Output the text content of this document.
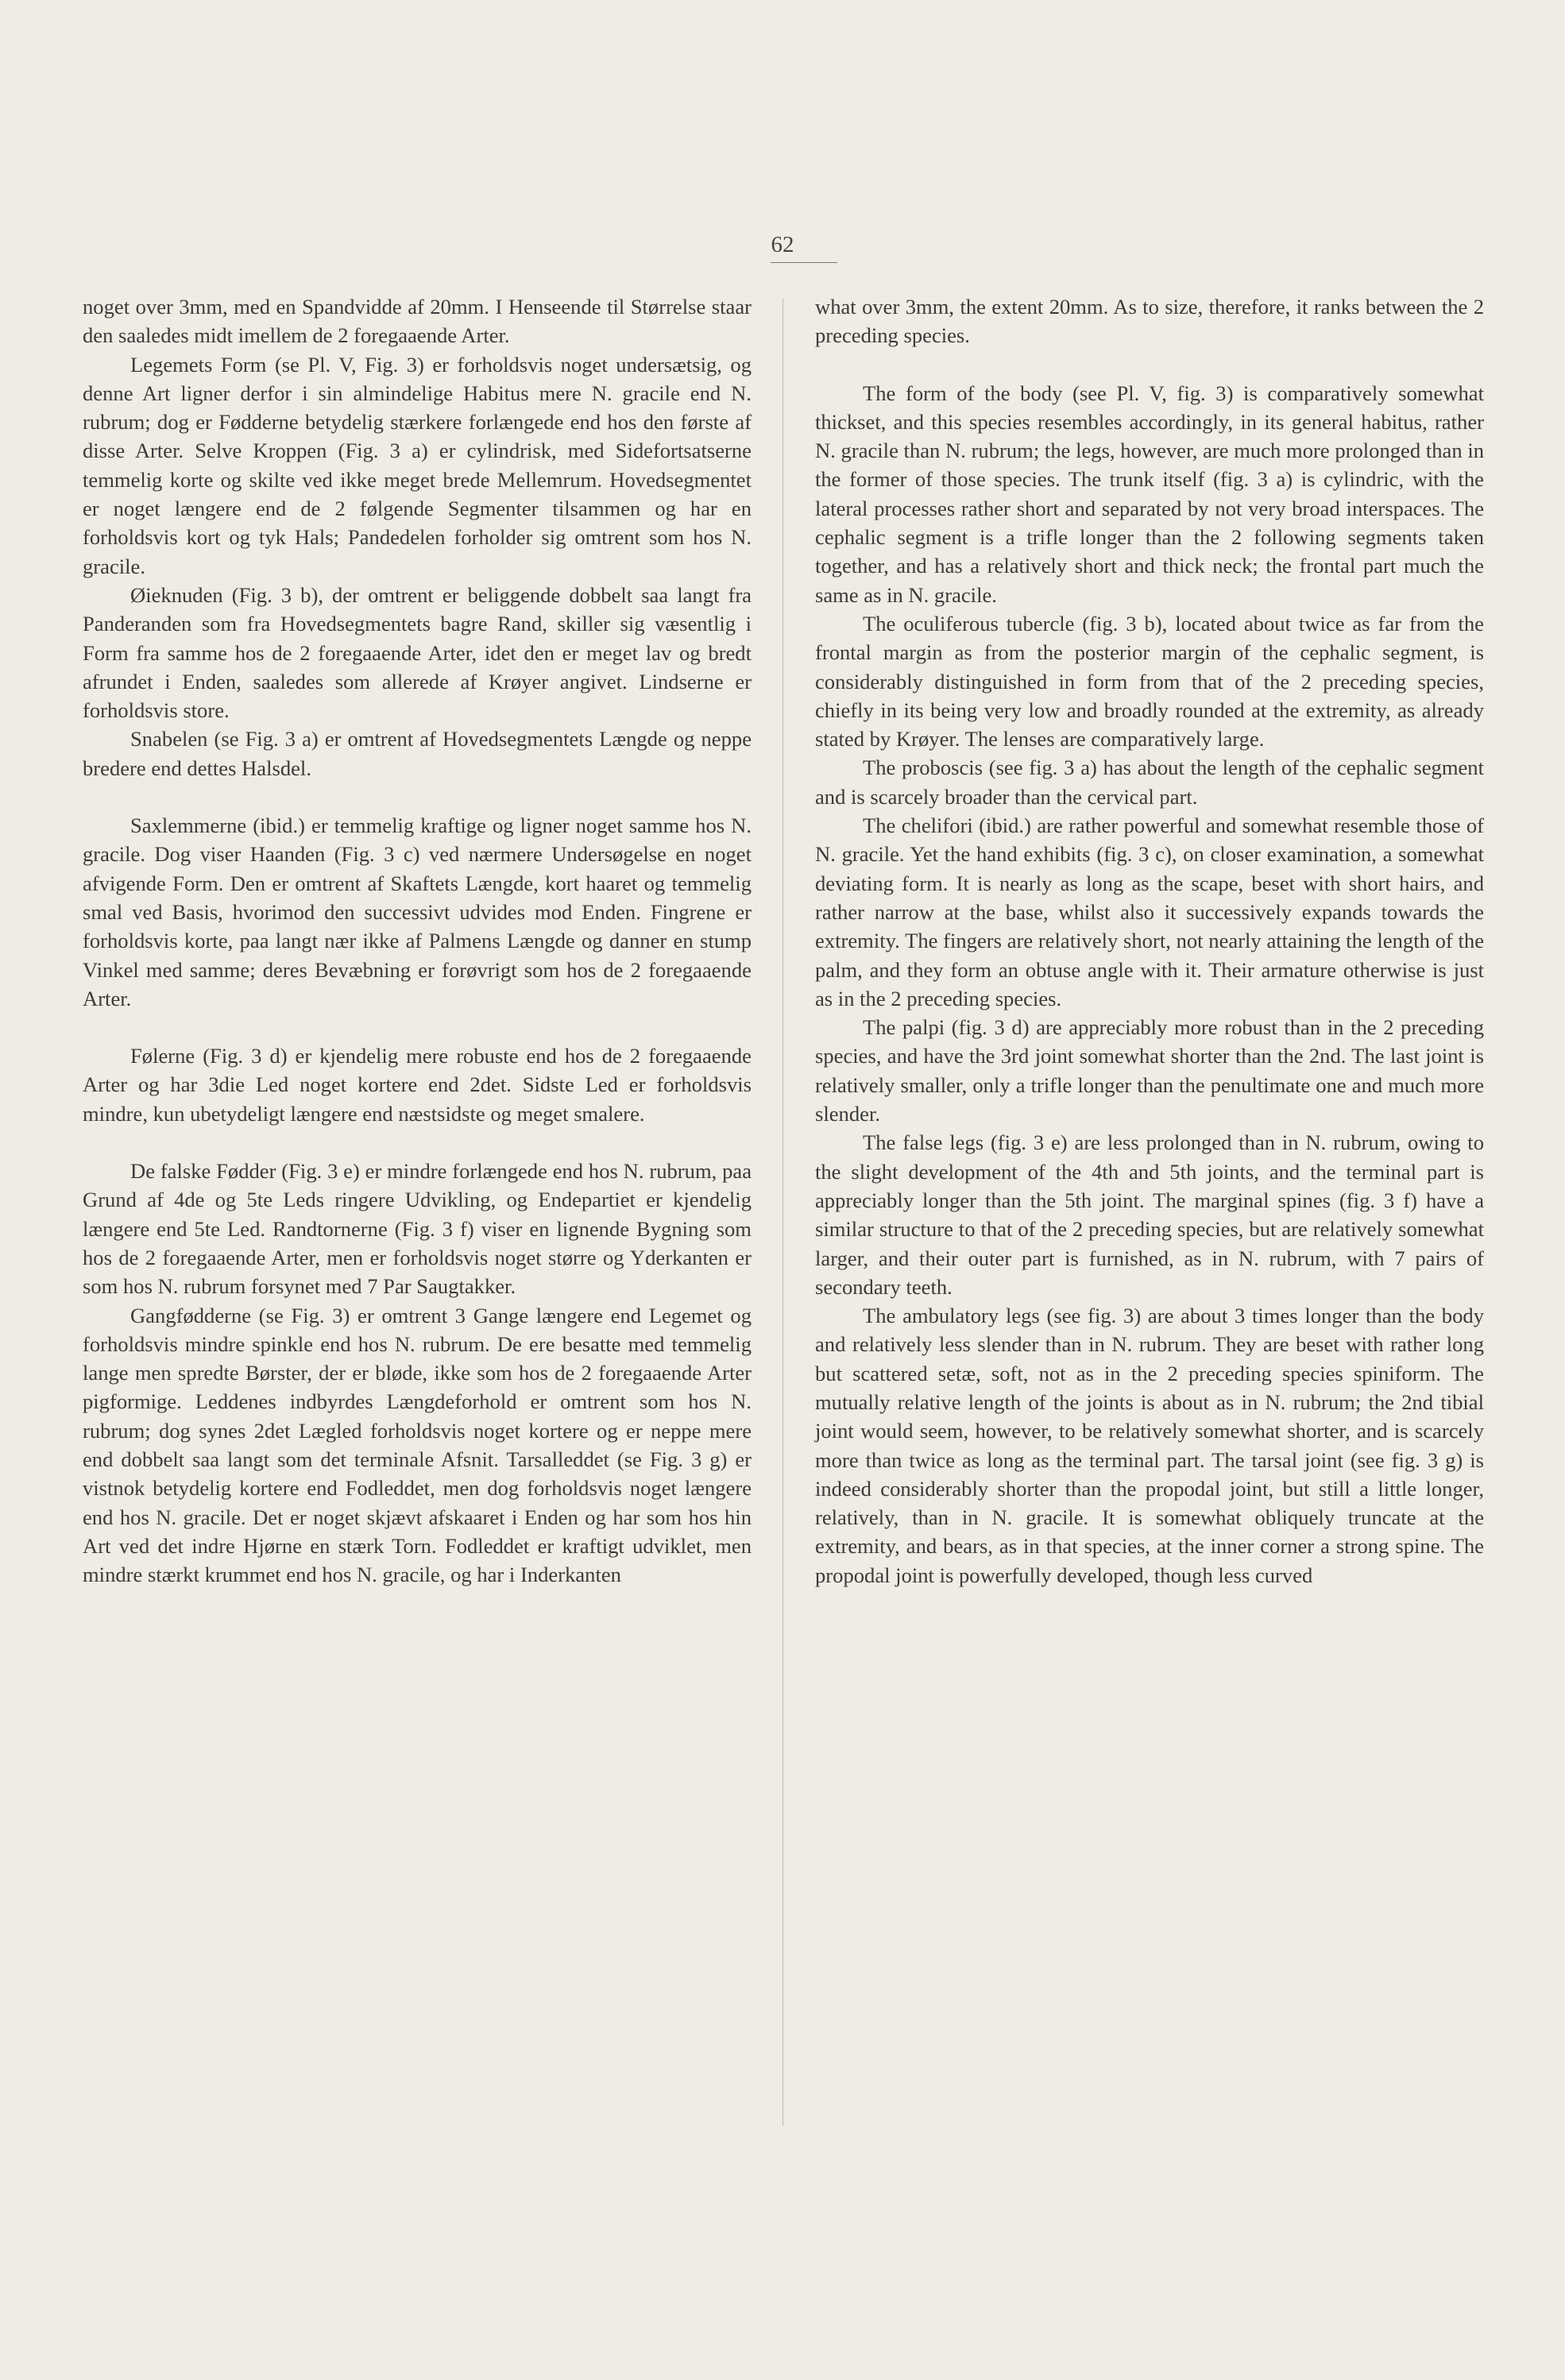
62

noget over 3mm, med en Spandvidde af 20mm. I Henseende til Størrelse staar den saaledes midt imellem de 2 foregaaende Arter.

Legemets Form (se Pl. V, Fig. 3) er forholdsvis noget undersætsig, og denne Art ligner derfor i sin almindelige Habitus mere N. gracile end N. rubrum; dog er Fødderne betydelig stærkere forlængede end hos den første af disse Arter. Selve Kroppen (Fig. 3 a) er cylindrisk, med Sidefortsatserne temmelig korte og skilte ved ikke meget brede Mellemrum. Hovedsegmentet er noget længere end de 2 følgende Segmenter tilsammen og har en forholdsvis kort og tyk Hals; Pandedelen forholder sig omtrent som hos N. gracile.

Øieknuden (Fig. 3 b), der omtrent er beliggende dobbelt saa langt fra Panderanden som fra Hovedsegmentets bagre Rand, skiller sig væsentlig i Form fra samme hos de 2 foregaaende Arter, idet den er meget lav og bredt afrundet i Enden, saaledes som allerede af Krøyer angivet. Lindserne er forholdsvis store.

Snabelen (se Fig. 3 a) er omtrent af Hovedsegmentets Længde og neppe bredere end dettes Halsdel.

Saxlemmerne (ibid.) er temmelig kraftige og ligner noget samme hos N. gracile. Dog viser Haanden (Fig. 3 c) ved nærmere Undersøgelse en noget afvigende Form. Den er omtrent af Skaftets Længde, kort haaret og temmelig smal ved Basis, hvorimod den successivt udvides mod Enden. Fingrene er forholdsvis korte, paa langt nær ikke af Palmens Længde og danner en stump Vinkel med samme; deres Bevæbning er forøvrigt som hos de 2 foregaaende Arter.

Følerne (Fig. 3 d) er kjendelig mere robuste end hos de 2 foregaaende Arter og har 3die Led noget kortere end 2det. Sidste Led er forholdsvis mindre, kun ubetydeligt længere end næstsidste og meget smalere.

De falske Fødder (Fig. 3 e) er mindre forlængede end hos N. rubrum, paa Grund af 4de og 5te Leds ringere Udvikling, og Endepartiet er kjendelig længere end 5te Led. Randtornerne (Fig. 3 f) viser en lignende Bygning som hos de 2 foregaaende Arter, men er forholdsvis noget større og Yderkanten er som hos N. rubrum forsynet med 7 Par Saugtakker.

Gangfødderne (se Fig. 3) er omtrent 3 Gange længere end Legemet og forholdsvis mindre spinkle end hos N. rubrum. De ere besatte med temmelig lange men spredte Børster, der er bløde, ikke som hos de 2 foregaaende Arter pigformige. Leddenes indbyrdes Længdeforhold er omtrent som hos N. rubrum; dog synes 2det Lægled forholdsvis noget kortere og er neppe mere end dobbelt saa langt som det terminale Afsnit. Tarsalleddet (se Fig. 3 g) er vistnok betydelig kortere end Fodleddet, men dog forholdsvis noget længere end hos N. gracile. Det er noget skjævt afskaaret i Enden og har som hos hin Art ved det indre Hjørne en stærk Torn. Fodleddet er kraftigt udviklet, men mindre stærkt krummet end hos N. gracile, og har i Inderkanten

what over 3mm, the extent 20mm. As to size, therefore, it ranks between the 2 preceding species.

The form of the body (see Pl. V, fig. 3) is comparatively somewhat thickset, and this species resembles accordingly, in its general habitus, rather N. gracile than N. rubrum; the legs, however, are much more prolonged than in the former of those species. The trunk itself (fig. 3 a) is cylindric, with the lateral processes rather short and separated by not very broad interspaces. The cephalic segment is a trifle longer than the 2 following segments taken together, and has a relatively short and thick neck; the frontal part much the same as in N. gracile.

The oculiferous tubercle (fig. 3 b), located about twice as far from the frontal margin as from the posterior margin of the cephalic segment, is considerably distinguished in form from that of the 2 preceding species, chiefly in its being very low and broadly rounded at the extremity, as already stated by Krøyer. The lenses are comparatively large.

The proboscis (see fig. 3 a) has about the length of the cephalic segment and is scarcely broader than the cervical part.

The chelifori (ibid.) are rather powerful and somewhat resemble those of N. gracile. Yet the hand exhibits (fig. 3 c), on closer examination, a somewhat deviating form. It is nearly as long as the scape, beset with short hairs, and rather narrow at the base, whilst also it successively expands towards the extremity. The fingers are relatively short, not nearly attaining the length of the palm, and they form an obtuse angle with it. Their armature otherwise is just as in the 2 preceding species.

The palpi (fig. 3 d) are appreciably more robust than in the 2 preceding species, and have the 3rd joint somewhat shorter than the 2nd. The last joint is relatively smaller, only a trifle longer than the penultimate one and much more slender.

The false legs (fig. 3 e) are less prolonged than in N. rubrum, owing to the slight development of the 4th and 5th joints, and the terminal part is appreciably longer than the 5th joint. The marginal spines (fig. 3 f) have a similar structure to that of the 2 preceding species, but are relatively somewhat larger, and their outer part is furnished, as in N. rubrum, with 7 pairs of secondary teeth.

The ambulatory legs (see fig. 3) are about 3 times longer than the body and relatively less slender than in N. rubrum. They are beset with rather long but scattered setæ, soft, not as in the 2 preceding species spiniform. The mutually relative length of the joints is about as in N. rubrum; the 2nd tibial joint would seem, however, to be relatively somewhat shorter, and is scarcely more than twice as long as the terminal part. The tarsal joint (see fig. 3 g) is indeed considerably shorter than the propodal joint, but still a little longer, relatively, than in N. gracile. It is somewhat obliquely truncate at the extremity, and bears, as in that species, at the inner corner a strong spine. The propodal joint is powerfully developed, though less curved
